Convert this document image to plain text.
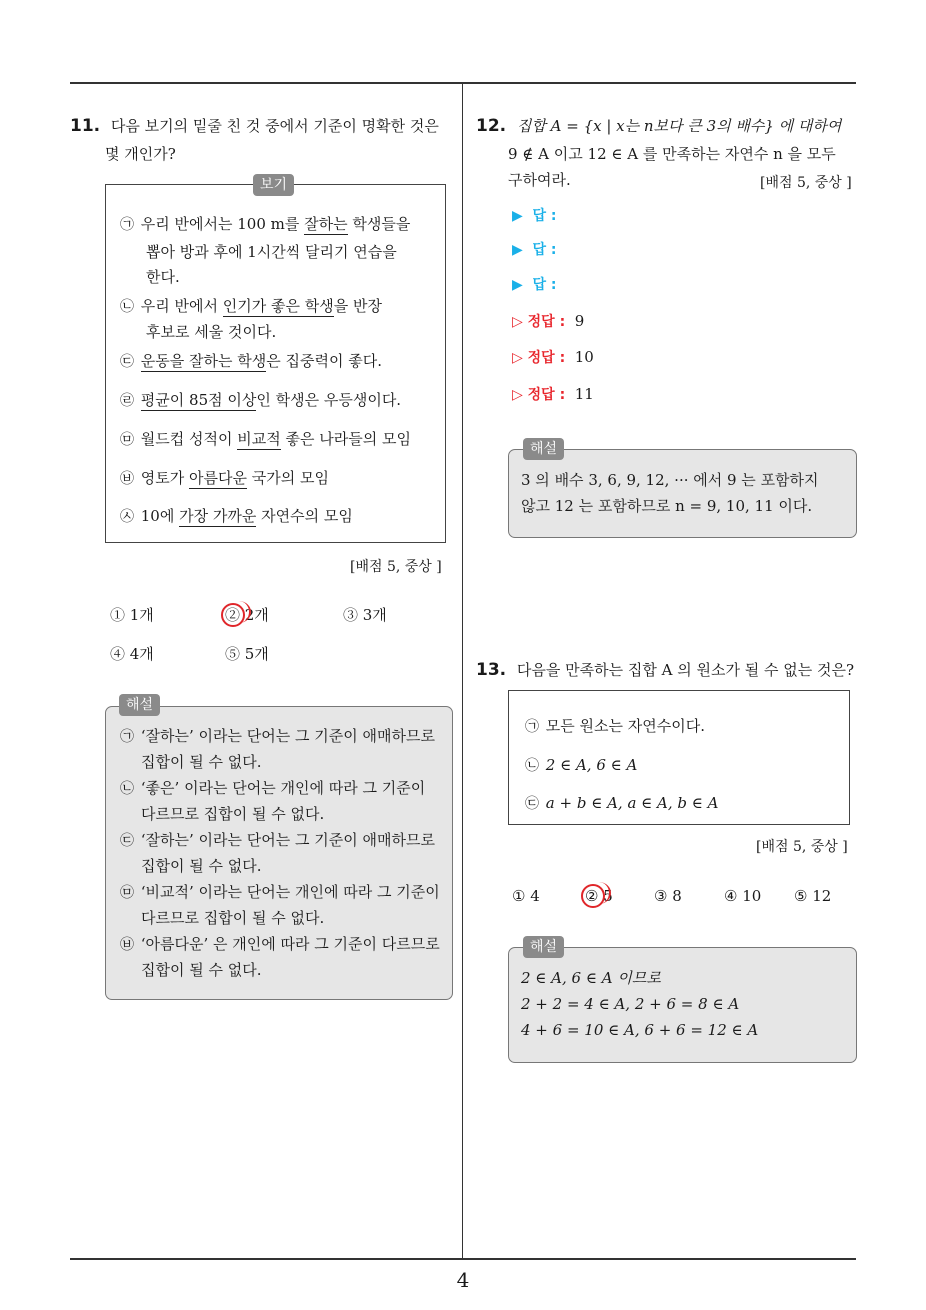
11. 다음 보기의 밑줄 친 것 중에서 기준이 명확한 것은
몇 개인가?
보기
㉠ 우리 반에서는 100 m를 잘하는 학생들을
뽑아 방과 후에 1시간씩 달리기 연습을
한다.
㉡ 우리 반에서 인기가 좋은 학생을 반장
후보로 세울 것이다.
㉢ 운동을 잘하는 학생은 집중력이 좋다.
㉣ 평균이 85점 이상인 학생은 우등생이다.
㉤ 월드컵 성적이 비교적 좋은 나라들의 모임
㉥ 영토가 아름다운 국가의 모임
㉦ 10에 가장 가까운 자연수의 모임
[배점 5, 중상 ]
① 1개	② 2개	③ 3개
④ 4개	⑤ 5개
해설
㉠ ‘잘하는’ 이라는 단어는 그 기준이 애매하므로
집합이 될 수 없다.
㉡ ‘좋은’ 이라는 단어는 개인에 따라 그 기준이
다르므로 집합이 될 수 없다.
㉢ ‘잘하는’ 이라는 단어는 그 기준이 애매하므로
집합이 될 수 없다.
㉤ ‘비교적’ 이라는 단어는 개인에 따라 그 기준이
다르므로 집합이 될 수 없다.
㉥ ‘아름다운’ 은 개인에 따라 그 기준이 다르므로
집합이 될 수 없다.
12. 집합 A = {x | x는 n보다 큰 3의 배수} 에 대하여
9 ∉ A 이고 12 ∈ A 를 만족하는 자연수 n 을 모두
구하여라.	[배점 5, 중상 ]
▶  답 :
▶  답 :
▶  답 :
▷ 정답 : 9
▷ 정답 : 10
▷ 정답 : 11
해설
3 의 배수 3, 6, 9, 12, ··· 에서 9 는 포함하지
않고 12 는 포함하므로 n = 9, 10, 11 이다.
13. 다음을 만족하는 집합 A 의 원소가 될 수 없는 것은?
㉠ 모든 원소는 자연수이다.
㉡ 2 ∈ A, 6 ∈ A
㉢ a + b ∈ A, a ∈ A, b ∈ A
[배점 5, 중상 ]
① 4	② 5	③ 8	④ 10 ⑤ 12
해설
2 ∈ A, 6 ∈ A 이므로
2 + 2 = 4 ∈ A, 2 + 6 = 8 ∈ A
4 + 6 = 10 ∈ A, 6 + 6 = 12 ∈ A
4
